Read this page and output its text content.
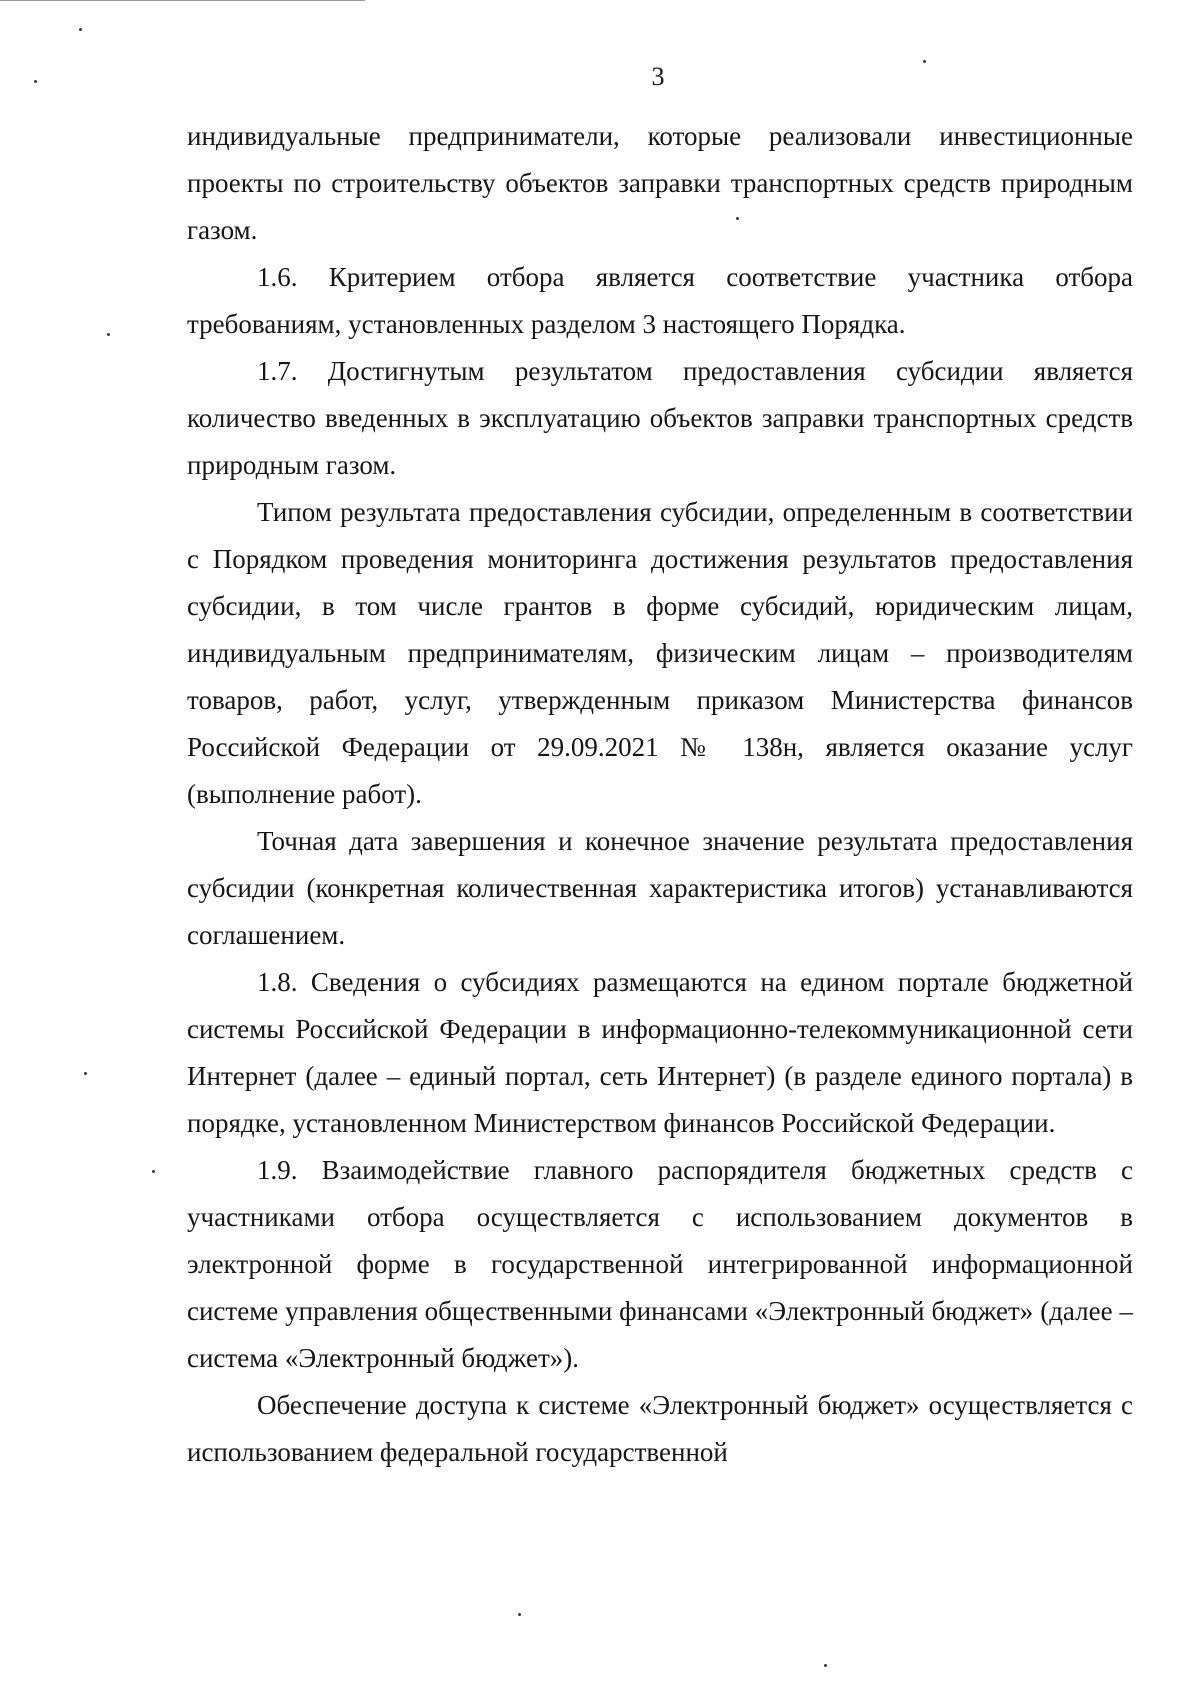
3

индивидуальные предприниматели, которые реализовали инвестиционные проекты по строительству объектов заправки транспортных средств природным газом.

1.6. Критерием отбора является соответствие участника отбора требованиям, установленных разделом 3 настоящего Порядка.

1.7. Достигнутым результатом предоставления субсидии является количество введенных в эксплуатацию объектов заправки транспортных средств природным газом.

Типом результата предоставления субсидии, определенным в соответствии с Порядком проведения мониторинга достижения результатов предоставления субсидии, в том числе грантов в форме субсидий, юридическим лицам, индивидуальным предпринимателям, физическим лицам – производителям товаров, работ, услуг, утвержденным приказом Министерства финансов Российской Федерации от 29.09.2021 № 138н, является оказание услуг (выполнение работ).

Точная дата завершения и конечное значение результата предоставления субсидии (конкретная количественная характеристика итогов) устанавливаются соглашением.

1.8. Сведения о субсидиях размещаются на едином портале бюджетной системы Российской Федерации в информационно-телекоммуникационной сети Интернет (далее – единый портал, сеть Интернет) (в разделе единого портала) в порядке, установленном Министерством финансов Российской Федерации.

1.9. Взаимодействие главного распорядителя бюджетных средств с участниками отбора осуществляется с использованием документов в электронной форме в государственной интегрированной информационной системе управления общественными финансами «Электронный бюджет» (далее – система «Электронный бюджет»).

Обеспечение доступа к системе «Электронный бюджет» осуществляется с использованием федеральной государственной
